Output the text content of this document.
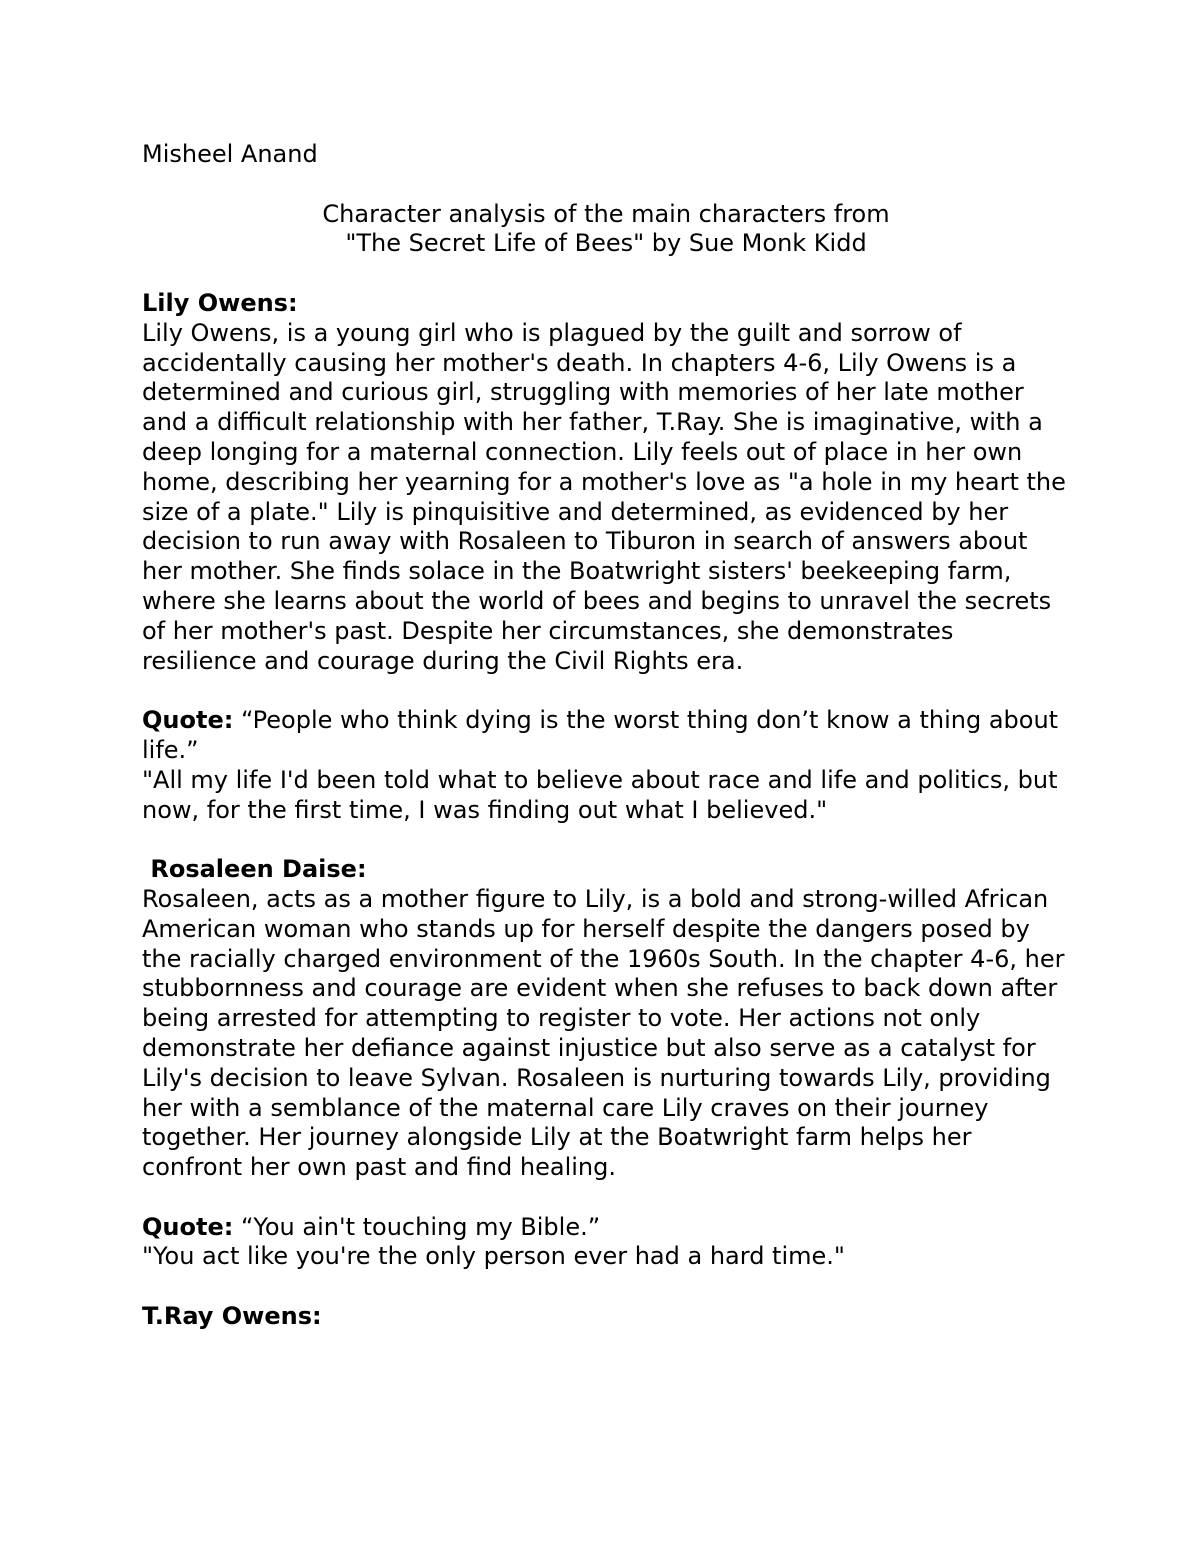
Misheel Anand

Character analysis of the main characters from
"The Secret Life of Bees" by Sue Monk Kidd
Lily Owens:

Lily Owens, is a young girl who is plagued by the guilt and sorrow of accidentally causing her mother's death. In chapters 4-6, Lily Owens is a determined and curious girl, struggling with memories of her late mother and a difficult relationship with her father, T.Ray. She is imaginative, with a deep longing for a maternal connection. Lily feels out of place in her own home, describing her yearning for a mother's love as "a hole in my heart the size of a plate." Lily is pinquisitive and determined, as evidenced by her decision to run away with Rosaleen to Tiburon in search of answers about her mother. She finds solace in the Boatwright sisters' beekeeping farm, where she learns about the world of bees and begins to unravel the secrets of her mother's past. Despite her circumstances, she demonstrates resilience and courage during the Civil Rights era.

Quote: “People who think dying is the worst thing don’t know a thing about life.”

"All my life I'd been told what to believe about race and life and politics, but now, for the first time, I was finding out what I believed."

Rosaleen Daise:

Rosaleen, acts as a mother figure to Lily, is a bold and strong-willed African American woman who stands up for herself despite the dangers posed by the racially charged environment of the 1960s South. In the chapter 4-6, her stubbornness and courage are evident when she refuses to back down after being arrested for attempting to register to vote. Her actions not only demonstrate her defiance against injustice but also serve as a catalyst for Lily's decision to leave Sylvan. Rosaleen is nurturing towards Lily, providing her with a semblance of the maternal care Lily craves on their journey together. Her journey alongside Lily at the Boatwright farm helps her confront her own past and find healing.

Quote: “You ain't touching my Bible.”

"You act like you're the only person ever had a hard time."

T.Ray Owens:
